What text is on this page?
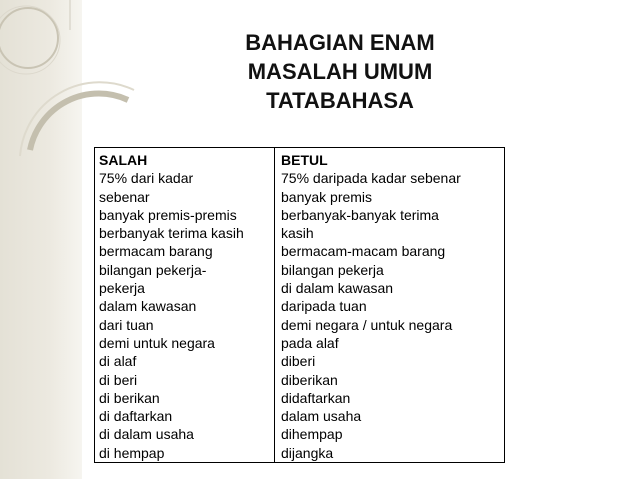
BAHAGIAN ENAM
MASALAH UMUM
TATABAHASA
SALAH
75% dari kadar
sebenar
banyak premis-premis
berbanyak terima kasih
bermacam barang
bilangan pekerja-
pekerja
dalam kawasan
dari tuan
demi untuk negara
di alaf
di beri
di berikan
di daftarkan
di dalam usaha
di hempap
BETUL
75% daripada kadar sebenar
banyak premis
berbanyak-banyak terima
kasih
bermacam-macam barang
bilangan pekerja
di dalam kawasan
daripada tuan
demi negara / untuk negara
pada alaf
diberi
diberikan
didaftarkan
dalam usaha
dihempap
dijangka
